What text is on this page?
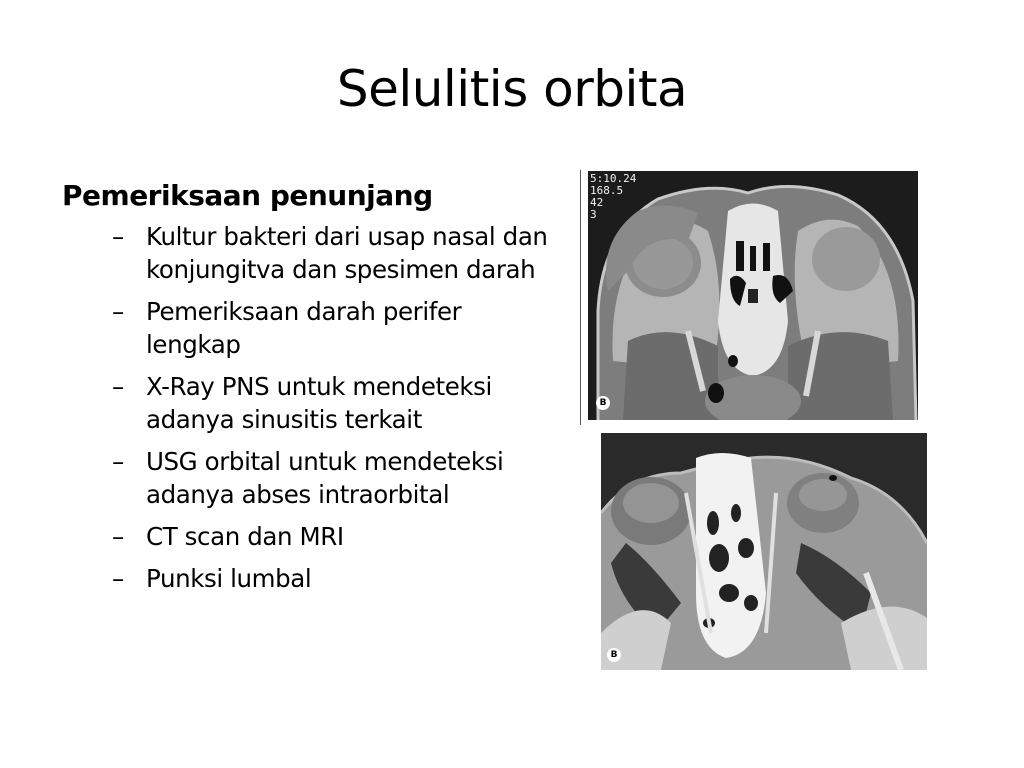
Selulitis orbita
Pemeriksaan penunjang
– Kultur bakteri dari usap nasal dan konjungitva dan spesimen darah
– Pemeriksaan darah perifer lengkap
– X-Ray PNS untuk mendeteksi adanya sinusitis terkait
– USG orbital untuk mendeteksi adanya abses intraorbital
– CT scan dan MRI
– Punksi lumbal
5:10.24
168.5
42
3
B
B
